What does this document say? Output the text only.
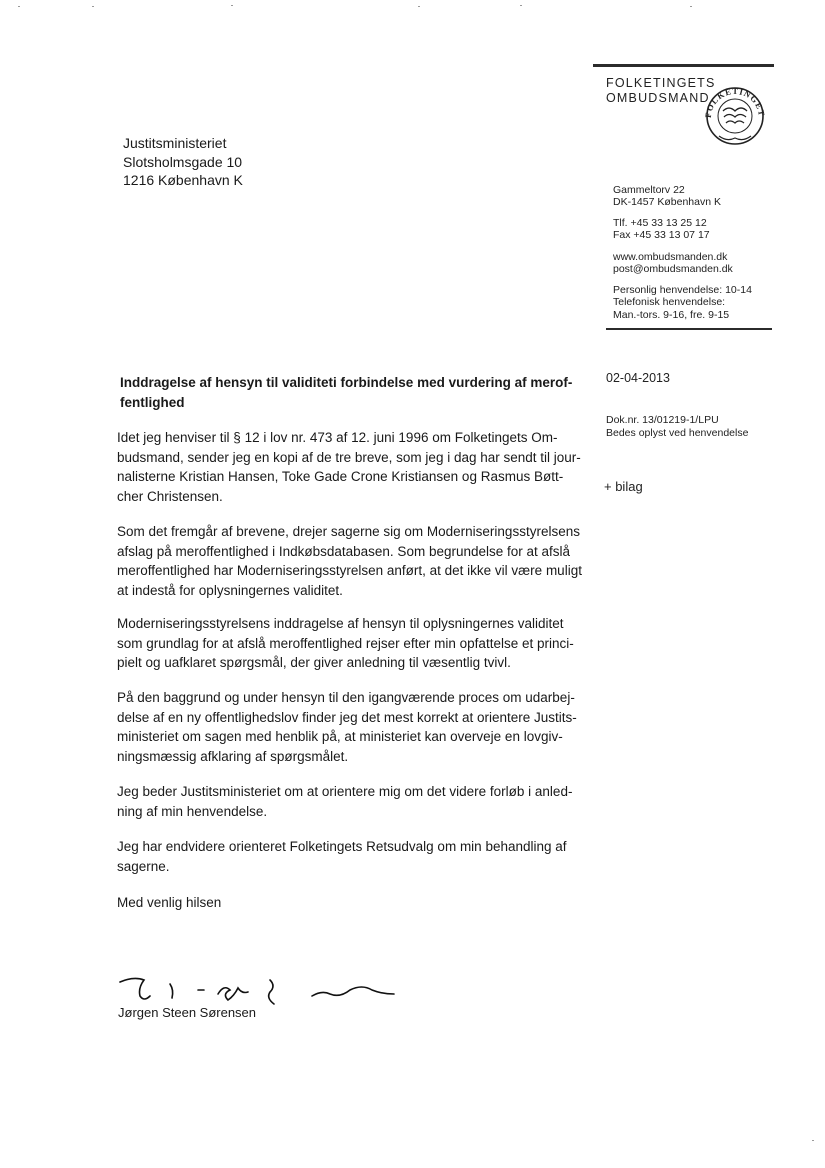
FOLKETINGETS
OMBUDSMAND
FOLKETINGET
Justitsministeriet
Slotsholmsgade 10
1216 København K
Gammeltorv 22
DK-1457 København K
Tlf. +45 33 13 25 12
Fax +45 33 13 07 17
www.ombudsmanden.dk
post@ombudsmanden.dk
Personlig henvendelse: 10-14
Telefonisk henvendelse:
Man.-tors. 9-16, fre. 9-15
02-04-2013
Dok.nr. 13/01219-1/LPU
Bedes oplyst ved henvendelse
+ bilag
Inddragelse af hensyn til validiteti forbindelse med vurdering af merof-
fentlighed
Idet jeg henviser til § 12 i lov nr. 473 af 12. juni 1996 om Folketingets Om-
budsmand, sender jeg en kopi af de tre breve, som jeg i dag har sendt til jour-
nalisterne Kristian Hansen, Toke Gade Crone Kristiansen og Rasmus Bøtt-
cher Christensen.
Som det fremgår af brevene, drejer sagerne sig om Moderniseringsstyrelsens
afslag på meroffentlighed i Indkøbsdatabasen. Som begrundelse for at afslå
meroffentlighed har Moderniseringsstyrelsen anført, at det ikke vil være muligt
at indestå for oplysningernes validitet.
Moderniseringsstyrelsens inddragelse af hensyn til oplysningernes validitet
som grundlag for at afslå meroffentlighed rejser efter min opfattelse et princi-
pielt og uafklaret spørgsmål, der giver anledning til væsentlig tvivl.
På den baggrund og under hensyn til den igangværende proces om udarbej-
delse af en ny offentlighedslov finder jeg det mest korrekt at orientere Justits-
ministeriet om sagen med henblik på, at ministeriet kan overveje en lovgiv-
ningsmæssig afklaring af spørgsmålet.
Jeg beder Justitsministeriet om at orientere mig om det videre forløb i anled-
ning af min henvendelse.
Jeg har endvidere orienteret Folketingets Retsudvalg om min behandling af
sagerne.
Med venlig hilsen
Jørgen Steen Sørensen
